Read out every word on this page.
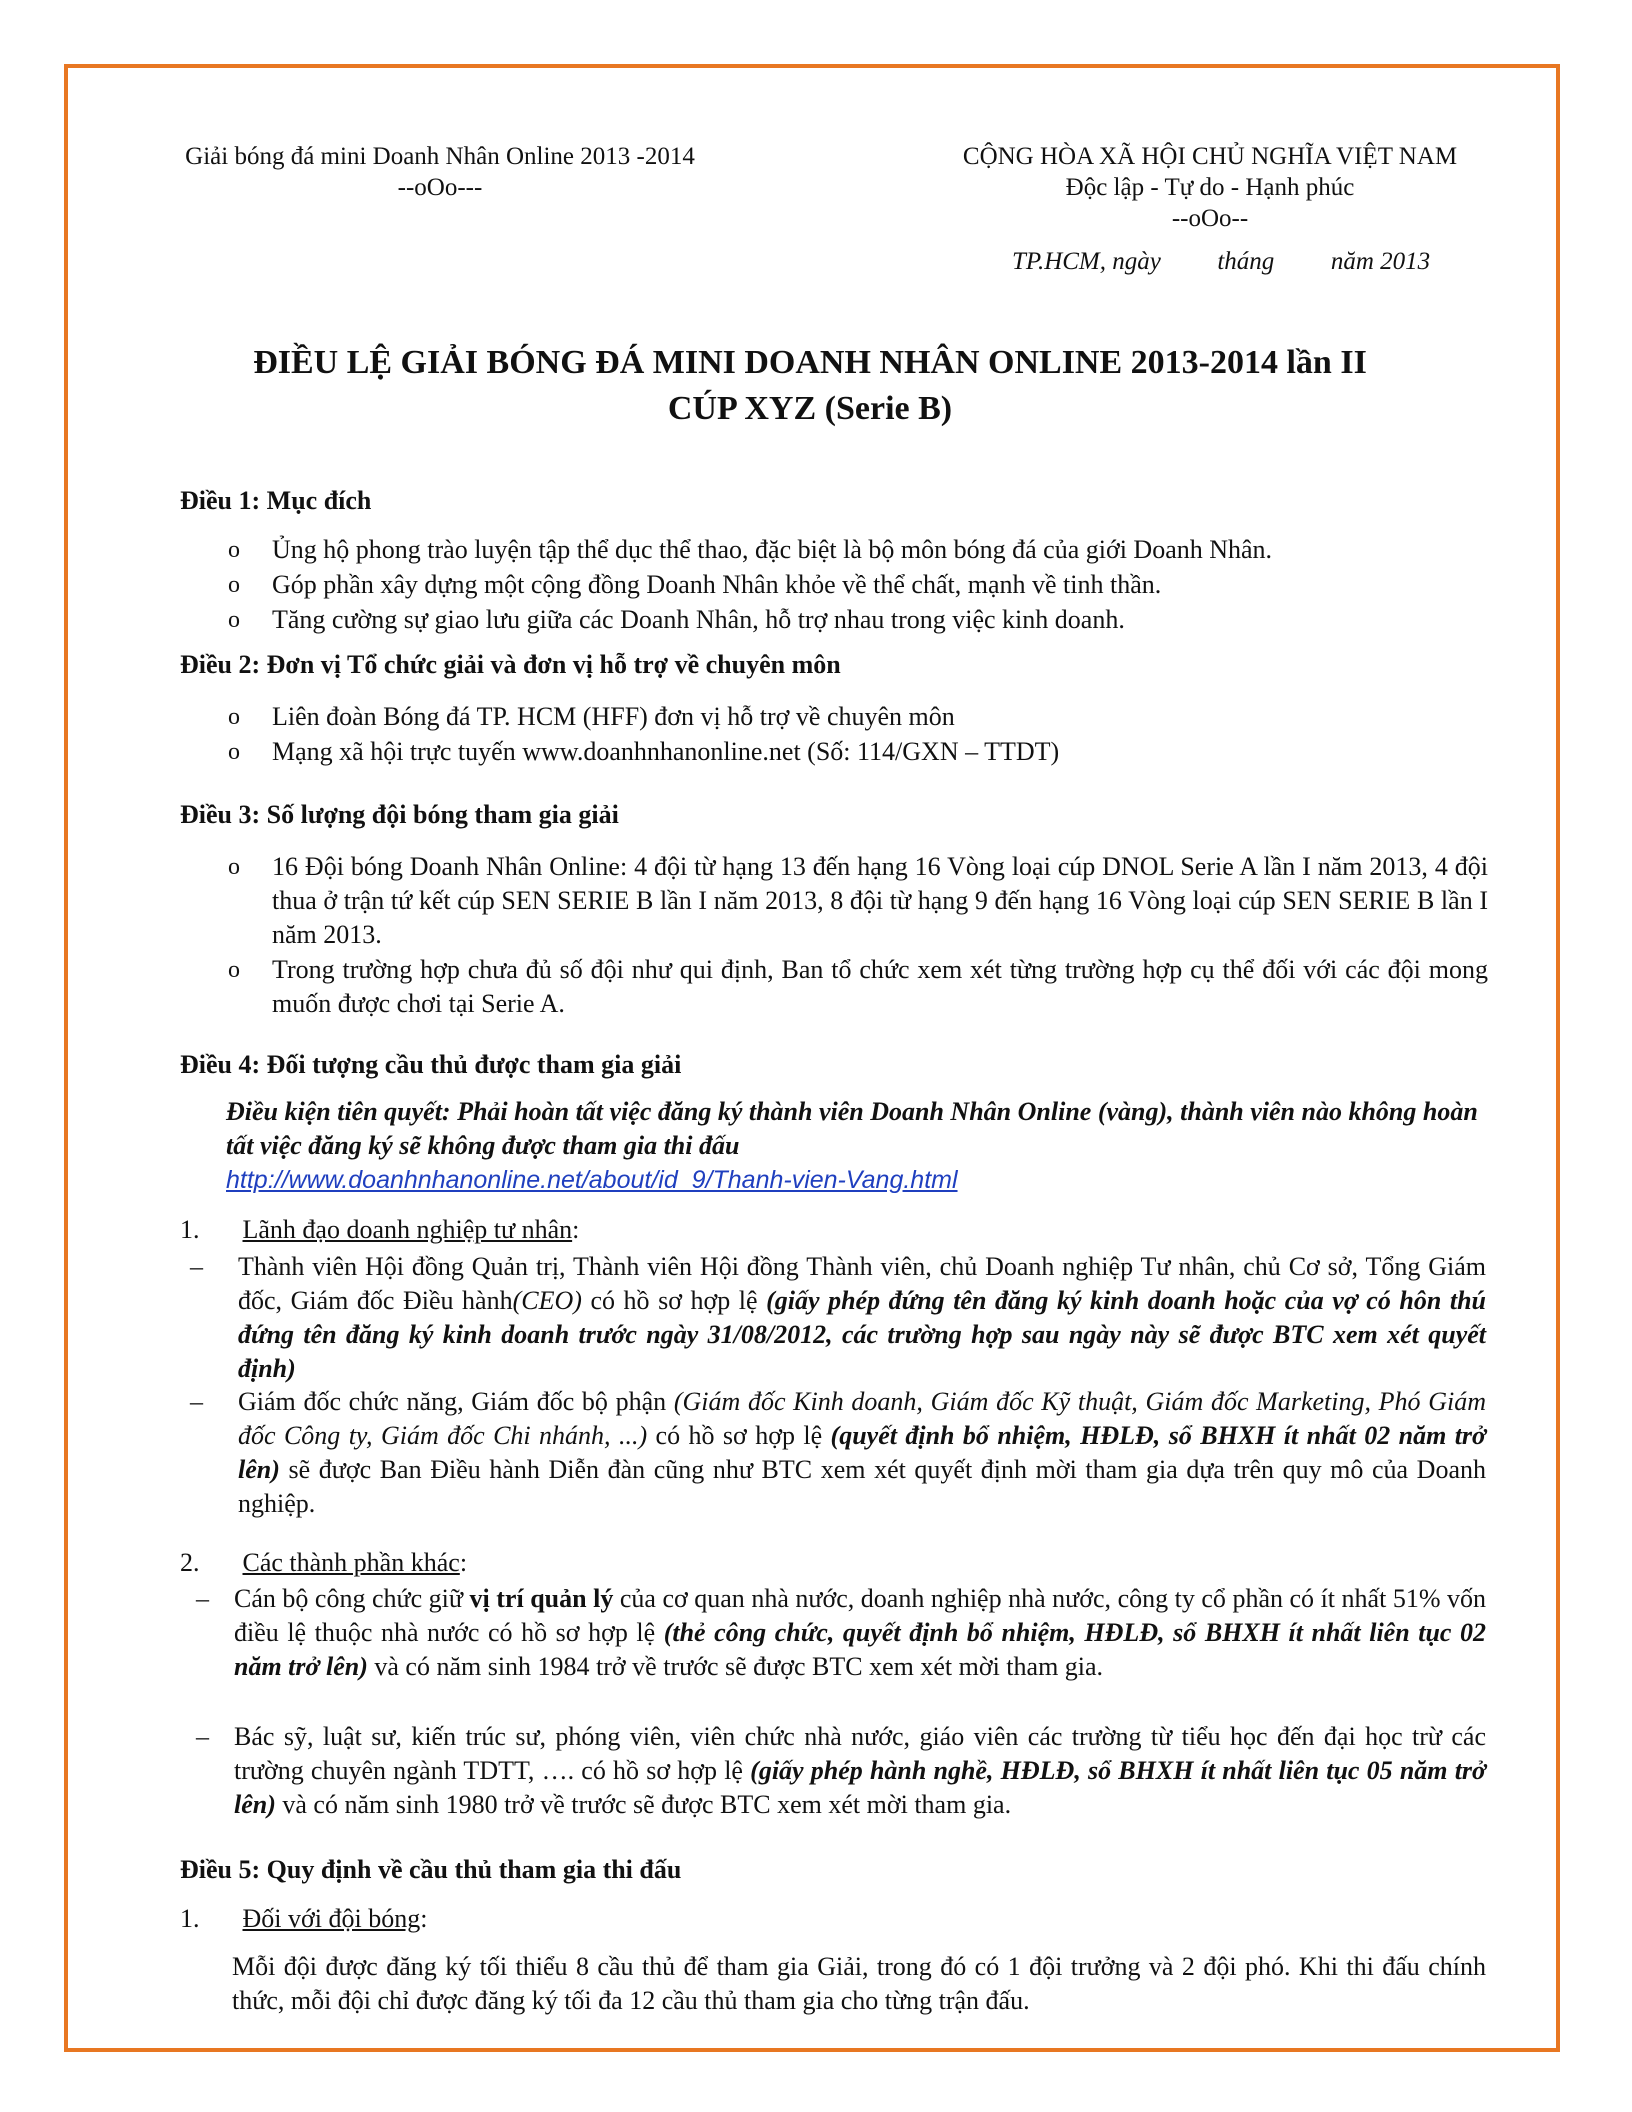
Giải bóng đá mini Doanh Nhân Online 2013 -2014
--oOo---
CỘNG HÒA XÃ HỘI CHỦ NGHĨA VIỆT NAM
Độc lập - Tự do - Hạnh phúc
--oOo--
TP.HCM, ngày tháng năm 2013
ĐIỀU LỆ GIẢI BÓNG ĐÁ MINI DOANH NHÂN ONLINE 2013-2014 lần II
CÚP XYZ (Serie B)
Điều 1: Mục đích
o Ủng hộ phong trào luyện tập thể dục thể thao, đặc biệt là bộ môn bóng đá của giới Doanh Nhân.
o Góp phần xây dựng một cộng đồng Doanh Nhân khỏe về thể chất, mạnh về tinh thần.
o Tăng cường sự giao lưu giữa các Doanh Nhân, hỗ trợ nhau trong việc kinh doanh.
Điều 2: Đơn vị Tổ chức giải và đơn vị hỗ trợ về chuyên môn
o Liên đoàn Bóng đá TP. HCM (HFF) đơn vị hỗ trợ về chuyên môn
o Mạng xã hội trực tuyến www.doanhnhanonline.net (Số: 114/GXN – TTDT)
Điều 3: Số lượng đội bóng tham gia giải
o 16 Đội bóng Doanh Nhân Online: 4 đội từ hạng 13 đến hạng 16 Vòng loại cúp DNOL Serie A lần I năm 2013, 4 đội thua ở trận tứ kết cúp SEN SERIE B lần I năm 2013, 8 đội từ hạng 9 đến hạng 16 Vòng loại cúp SEN SERIE B lần I năm 2013.
o Trong trường hợp chưa đủ số đội như qui định, Ban tổ chức xem xét từng trường hợp cụ thể đối với các đội mong muốn được chơi tại Serie A.
Điều 4: Đối tượng cầu thủ được tham gia giải
Điều kiện tiên quyết: Phải hoàn tất việc đăng ký thành viên Doanh Nhân Online (vàng), thành viên nào không hoàn tất việc đăng ký sẽ không được tham gia thi đấu
http://www.doanhnhanonline.net/about/id_9/Thanh-vien-Vang.html
1. Lãnh đạo doanh nghiệp tư nhân:
– Thành viên Hội đồng Quản trị, Thành viên Hội đồng Thành viên, chủ Doanh nghiệp Tư nhân, chủ Cơ sở, Tổng Giám đốc, Giám đốc Điều hành(CEO) có hồ sơ hợp lệ (giấy phép đứng tên đăng ký kinh doanh hoặc của vợ có hôn thú đứng tên đăng ký kinh doanh trước ngày 31/08/2012, các trường hợp sau ngày này sẽ được BTC xem xét quyết định)
– Giám đốc chức năng, Giám đốc bộ phận (Giám đốc Kinh doanh, Giám đốc Kỹ thuật, Giám đốc Marketing, Phó Giám đốc Công ty, Giám đốc Chi nhánh, ...) có hồ sơ hợp lệ (quyết định bổ nhiệm, HĐLĐ, sổ BHXH ít nhất 02 năm trở lên) sẽ được Ban Điều hành Diễn đàn cũng như BTC xem xét quyết định mời tham gia dựa trên quy mô của Doanh nghiệp.
2. Các thành phần khác:
– Cán bộ công chức giữ vị trí quản lý của cơ quan nhà nước, doanh nghiệp nhà nước, công ty cổ phần có ít nhất 51% vốn điều lệ thuộc nhà nước có hồ sơ hợp lệ (thẻ công chức, quyết định bổ nhiệm, HĐLĐ, sổ BHXH ít nhất liên tục 02 năm trở lên) và có năm sinh 1984 trở về trước sẽ được BTC xem xét mời tham gia.
– Bác sỹ, luật sư, kiến trúc sư, phóng viên, viên chức nhà nước, giáo viên các trường từ tiểu học đến đại học trừ các trường chuyên ngành TDTT, …. có hồ sơ hợp lệ (giấy phép hành nghề, HĐLĐ, sổ BHXH ít nhất liên tục 05 năm trở lên) và có năm sinh 1980 trở về trước sẽ được BTC xem xét mời tham gia.
Điều 5: Quy định về cầu thủ tham gia thi đấu
1. Đối với đội bóng:
Mỗi đội được đăng ký tối thiểu 8 cầu thủ để tham gia Giải, trong đó có 1 đội trưởng và 2 đội phó. Khi thi đấu chính thức, mỗi đội chỉ được đăng ký tối đa 12 cầu thủ tham gia cho từng trận đấu.
